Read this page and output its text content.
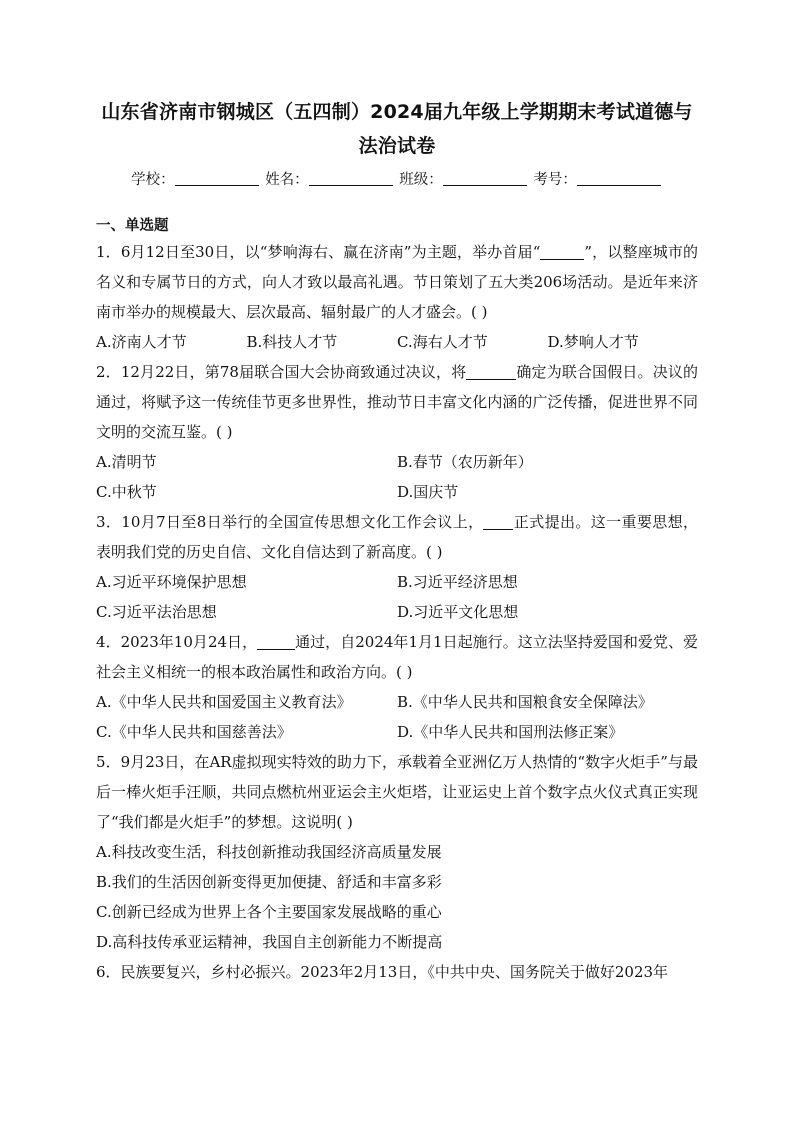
山东省济南市钢城区（五四制）2024届九年级上学期期末考试道德与
法治试卷
学校：	姓名：	班级：	考号：
一、单选题
1．6月12日至30日，以“梦响海右、赢在济南”为主题，举办首届“	”，以整座城市的名义和专属节日的方式，向人才致以最高礼遇。节日策划了五大类206场活动。是近年来济南市举办的规模最大、层次最高、辐射最广的人才盛会。( )
A.济南人才节	B.科技人才节	C.海右人才节	D.梦响人才节
2．12月22日，第78届联合国大会协商致通过决议，将	确定为联合国假日。决议的通过，将赋予这一传统佳节更多世界性，推动节日丰富文化内涵的广泛传播，促进世界不同文明的交流互鉴。( )
A.清明节	B.春节（农历新年）
C.中秋节	D.国庆节
3．10月7日至8日举行的全国宣传思想文化工作会议上， 正式提出。这一重要思想，表明我们党的历史自信、文化自信达到了新高度。( )
A.习近平环境保护思想	B.习近平经济思想
C.习近平法治思想	D.习近平文化思想
4．2023年10月24日，	通过，自2024年1月1日起施行。这立法坚持爱国和爱党、爱社会主义相统一的根本政治属性和政治方向。( )
A.《中华人民共和国爱国主义教育法》	B.《中华人民共和国粮食安全保障法》
C.《中华人民共和国慈善法》	D.《中华人民共和国刑法修正案》
5．9月23日，在AR虚拟现实特效的助力下，承载着全亚洲亿万人热情的“数字火炬手”与最后一棒火炬手汪顺，共同点燃杭州亚运会主火炬塔，让亚运史上首个数字点火仪式真正实现了“我们都是火炬手”的梦想。这说明( )
A.科技改变生活，科技创新推动我国经济高质量发展
B.我们的生活因创新变得更加便捷、舒适和丰富多彩
C.创新已经成为世界上各个主要国家发展战略的重心
D.高科技传承亚运精神，我国自主创新能力不断提高
6．民族要复兴，乡村必振兴。2023年2月13日，《中共中央、国务院关于做好2023年
